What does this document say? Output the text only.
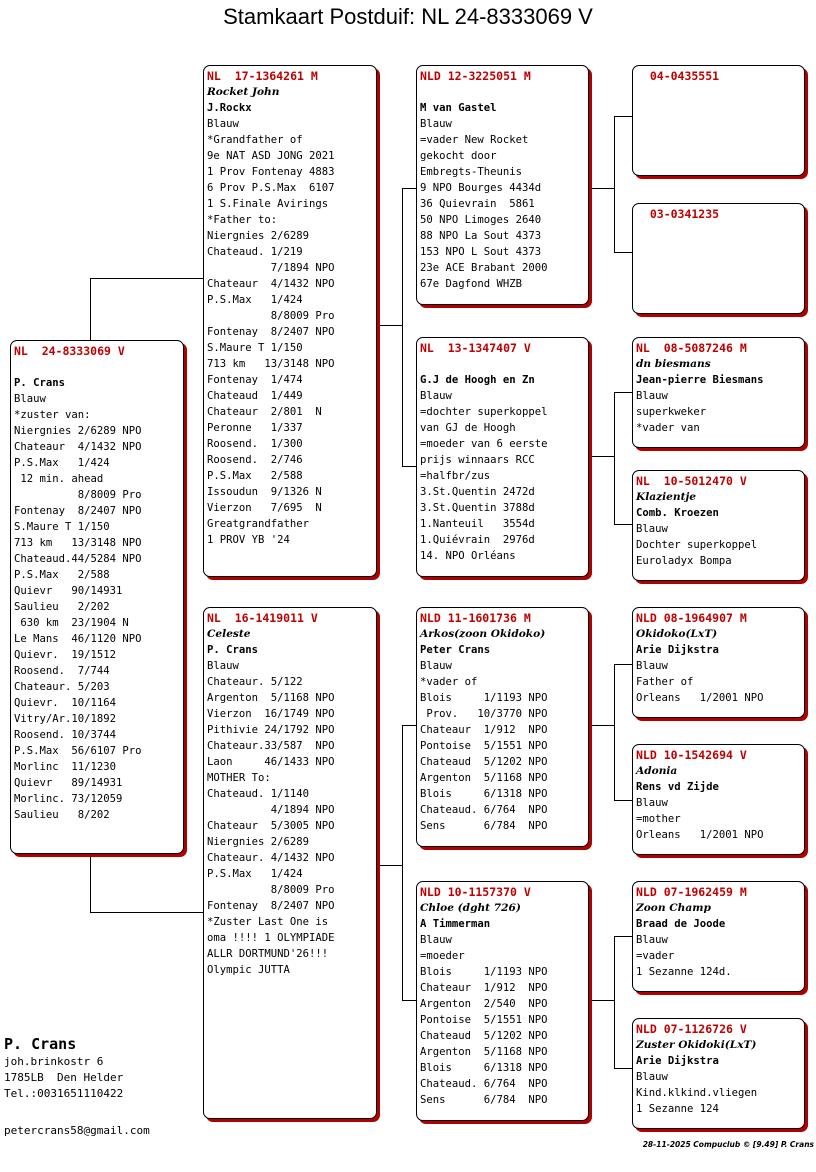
Stamkaart Postduif: NL 24-8333069 V
NL  24-8333069 V
P. Crans
Blauw
*zuster van:
Niergnies 2/6289 NPO
Chateaur  4/1432 NPO
P.S.Max   1/424
12 min. ahead
8/8009 Pro
Fontenay  8/2407 NPO
S.Maure T 1/150
713 km   13/3148 NPO
Chateaud.44/5284 NPO
P.S.Max   2/588
Quievr   90/14931
Saulieu   2/202
630 km  23/1904 N
Le Mans  46/1120 NPO
Quievr.  19/1512
Roosend.  7/744
Chateaur. 5/203
Quievr.  10/1164
Vitry/Ar.10/1892
Roosend. 10/3744
P.S.Max  56/6107 Pro
Morlinc  11/1230
Quievr   89/14931
Morlinc. 73/12059
Saulieu   8/202
NL  17-1364261 M
Rocket John
J.Rockx
Blauw
*Grandfather of
9e NAT ASD JONG 2021
1 Prov Fontenay 4883
6 Prov P.S.Max  6107
1 S.Finale Avirings
*Father to:
Niergnies 2/6289
Chateaud. 1/219
7/1894 NPO
Chateaur  4/1432 NPO
P.S.Max   1/424
8/8009 Pro
Fontenay  8/2407 NPO
S.Maure T 1/150
713 km   13/3148 NPO
Fontenay  1/474
Chateaud  1/449
Chateaur  2/801  N
Peronne   1/337
Roosend.  1/300
Roosend.  2/746
P.S.Max   2/588
Issoudun  9/1326 N
Vierzon   7/695  N
Greatgrandfather
1 PROV YB '24
NL  16-1419011 V
Celeste
P. Crans
Blauw
Chateaur. 5/122
Argenton  5/1168 NPO
Vierzon  16/1749 NPO
Pithivie 24/1792 NPO
Chateaur.33/587  NPO
Laon     46/1433 NPO
MOTHER To:
Chateaud. 1/1140
4/1894 NPO
Chateaur  5/3005 NPO
Niergnies 2/6289
Chateaur. 4/1432 NPO
P.S.Max   1/424
8/8009 Pro
Fontenay  8/2407 NPO
*Zuster Last One is
oma !!!! 1 OLYMPIADE
ALLR DORTMUND'26!!!
Olympic JUTTA
NLD 12-3225051 M
M van Gastel
Blauw
=vader New Rocket
gekocht door
Embregts-Theunis
9 NPO Bourges 4434d
36 Quievrain  5861
50 NPO Limoges 2640
88 NPO La Sout 4373
153 NPO L Sout 4373
23e ACE Brabant 2000
67e Dagfond WHZB
NL  13-1347407 V
G.J de Hoogh en Zn
Blauw
=dochter superkoppel
van GJ de Hoogh
=moeder van 6 eerste
prijs winnaars RCC
=halfbr/zus
3.St.Quentin 2472d
3.St.Quentin 3788d
1.Nanteuil   3554d
1.Quiévrain  2976d
14. NPO Orléans
NLD 11-1601736 M
Arkos(zoon Okidoko)
Peter Crans
Blauw
*vader of
Blois     1/1193 NPO
Prov.   10/3770 NPO
Chateaur  1/912  NPO
Pontoise  5/1551 NPO
Chateaud  5/1202 NPO
Argenton  5/1168 NPO
Blois     6/1318 NPO
Chateaud. 6/764  NPO
Sens      6/784  NPO
NLD 10-1157370 V
Chloe (dght 726)
A Timmerman
Blauw
=moeder
Blois     1/1193 NPO
Chateaur  1/912  NPO
Argenton  2/540  NPO
Pontoise  5/1551 NPO
Chateaud  5/1202 NPO
Argenton  5/1168 NPO
Blois     6/1318 NPO
Chateaud. 6/764  NPO
Sens      6/784  NPO
04-0435551
03-0341235
NL  08-5087246 M
dn biesmans
Jean-pierre Biesmans
Blauw
superkweker
*vader van
NL  10-5012470 V
Klazientje
Comb. Kroezen
Blauw
Dochter superkoppel
Euroladyx Bompa
NLD 08-1964907 M
Okidoko(LxT)
Arie Dijkstra
Blauw
Father of
Orleans   1/2001 NPO
NLD 10-1542694 V
Adonia
Rens vd Zijde
Blauw
=mother
Orleans   1/2001 NPO
NLD 07-1962459 M
Zoon Champ
Braad de Joode
Blauw
=vader
1 Sezanne 124d.
NLD 07-1126726 V
Zuster Okidoki(LxT)
Arie Dijkstra
Blauw
Kind.klkind.vliegen
1 Sezanne 124
P. Crans
joh.brinkostr 6
1785LB  Den Helder
Tel.:0031651110422
petercrans58@gmail.com
28-11-2025 Compuclub © [9.49] P. Crans
